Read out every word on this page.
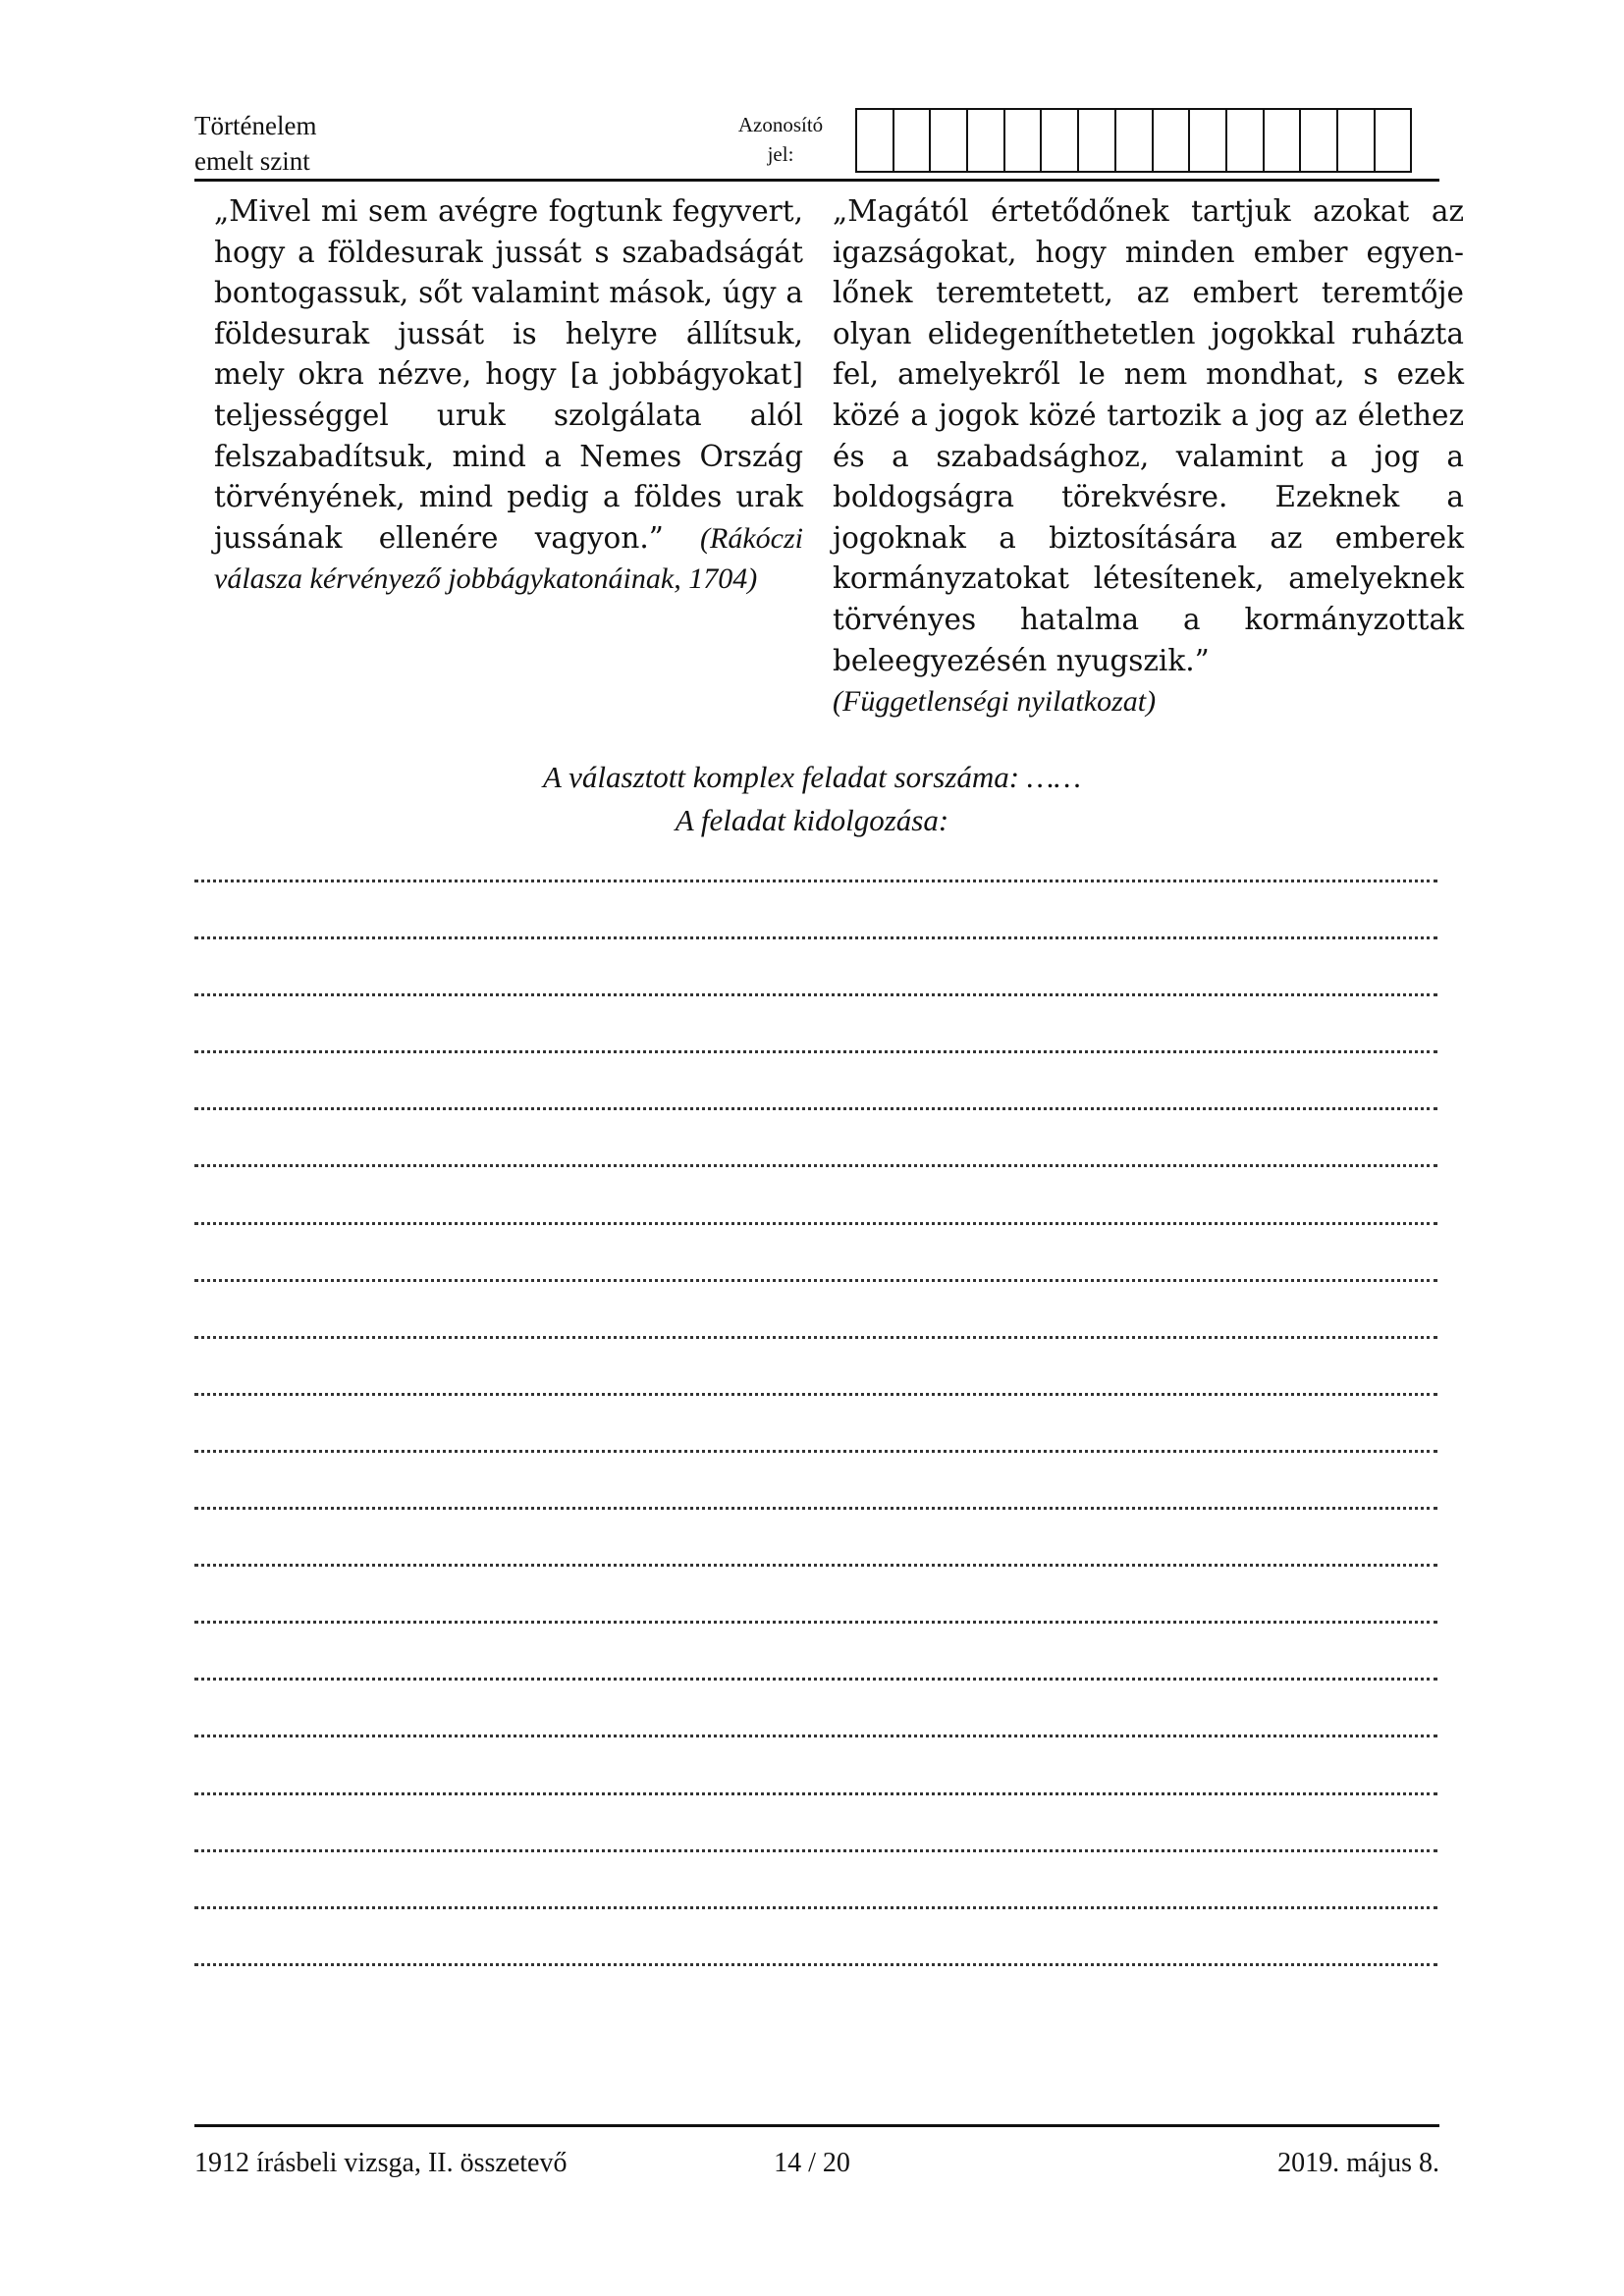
Történelem
emelt szint
Azonosító
jel:
„Mivel mi sem avégre fogtunk fegyvert, hogy a földesurak jussát s szabadságát bontogassuk, sőt valamint mások, úgy a földesurak jussát is helyre állítsuk, mely okra nézve, hogy [a jobbágyokat] teljességgel uruk szolgálata alól felszabadítsuk, mind a Nemes Ország törvényének, mind pedig a földes urak jussának ellenére vagyon.” (Rákóczi válasza kérvényező jobbágykatonáinak, 1704)
„Magától értetődőnek tartjuk azokat az igazságokat, hogy minden ember egyenlőnek teremtetett, az embert teremtője olyan elidegeníthetetlen jogokkal ruházta fel, amelyekről le nem mondhat, s ezek közé a jogok közé tartozik a jog az élethez és a szabadsághoz, valamint a jog a boldogságra törekvésre. Ezeknek a jogoknak a biztosítására az emberek kormányzatokat létesítenek, amelyeknek törvényes hatalma a kormányzottak beleegyezésén nyugszik.”
(Függetlenségi nyilatkozat)
A választott komplex feladat sorszáma: ……
A feladat kidolgozása:
1912 írásbeli vizsga, II. összetevő	14 / 20	2019. május 8.
